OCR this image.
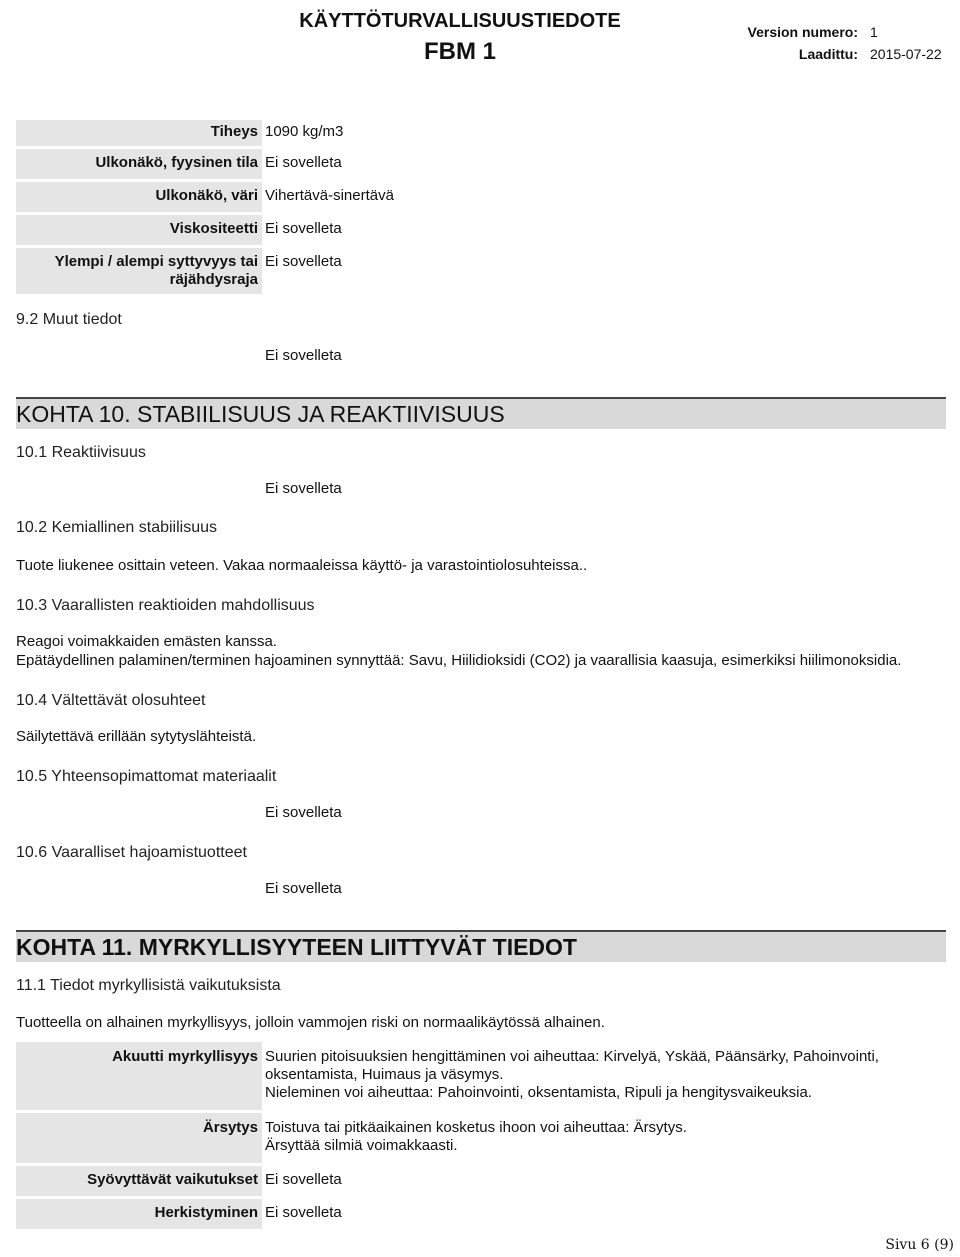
KÄYTTÖTURVALLISUUSTIEDOTE
FBM 1
Version numero: 1
Laadittu: 2015-07-22
Tiheys 1090 kg/m3
Ulkonäkö, fyysinen tila Ei sovelleta
Ulkonäkö, väri Vihertävä-sinertävä
Viskositeetti Ei sovelleta
Ylempi / alempi syttyvyys tai räjähdysraja
Ei sovelleta
9.2 Muut tiedot
Ei sovelleta
KOHTA 10. STABIILISUUS JA REAKTIIVISUUS
10.1 Reaktiivisuus
Ei sovelleta
10.2 Kemiallinen stabiilisuus
Tuote liukenee osittain veteen. Vakaa normaaleissa käyttö- ja varastointiolosuhteissa..
10.3 Vaarallisten reaktioiden mahdollisuus
Reagoi voimakkaiden emästen kanssa.
Epätäydellinen palaminen/terminen hajoaminen synnyttää: Savu, Hiilidioksidi (CO2) ja vaarallisia kaasuja, esimerkiksi hiilimonoksidia.
10.4 Vältettävät olosuhteet
Säilytettävä erillään sytytyslähteistä.
10.5 Yhteensopimattomat materiaalit
Ei sovelleta
10.6 Vaaralliset hajoamistuotteet
Ei sovelleta
KOHTA 11. MYRKYLLISYYTEEN LIITTYVÄT TIEDOT
11.1 Tiedot myrkyllisistä vaikutuksista
Tuotteella on alhainen myrkyllisyys, jolloin vammojen riski on normaalikäytössä alhainen.
Akuutti myrkyllisyys Suurien pitoisuuksien hengittäminen voi aiheuttaa: Kirvelyä, Yskää, Päänsärky, Pahoinvointi,
oksentamista, Huimaus ja väsymys.
Nieleminen voi aiheuttaa: Pahoinvointi, oksentamista, Ripuli ja hengitysvaikeuksia.
Ärsytys Toistuva tai pitkäaikainen kosketus ihoon voi aiheuttaa: Ärsytys.
Ärsyttää silmiä voimakkaasti.
Syövyttävät vaikutukset Ei sovelleta
Herkistyminen Ei sovelleta
Sivu 6 (9)
